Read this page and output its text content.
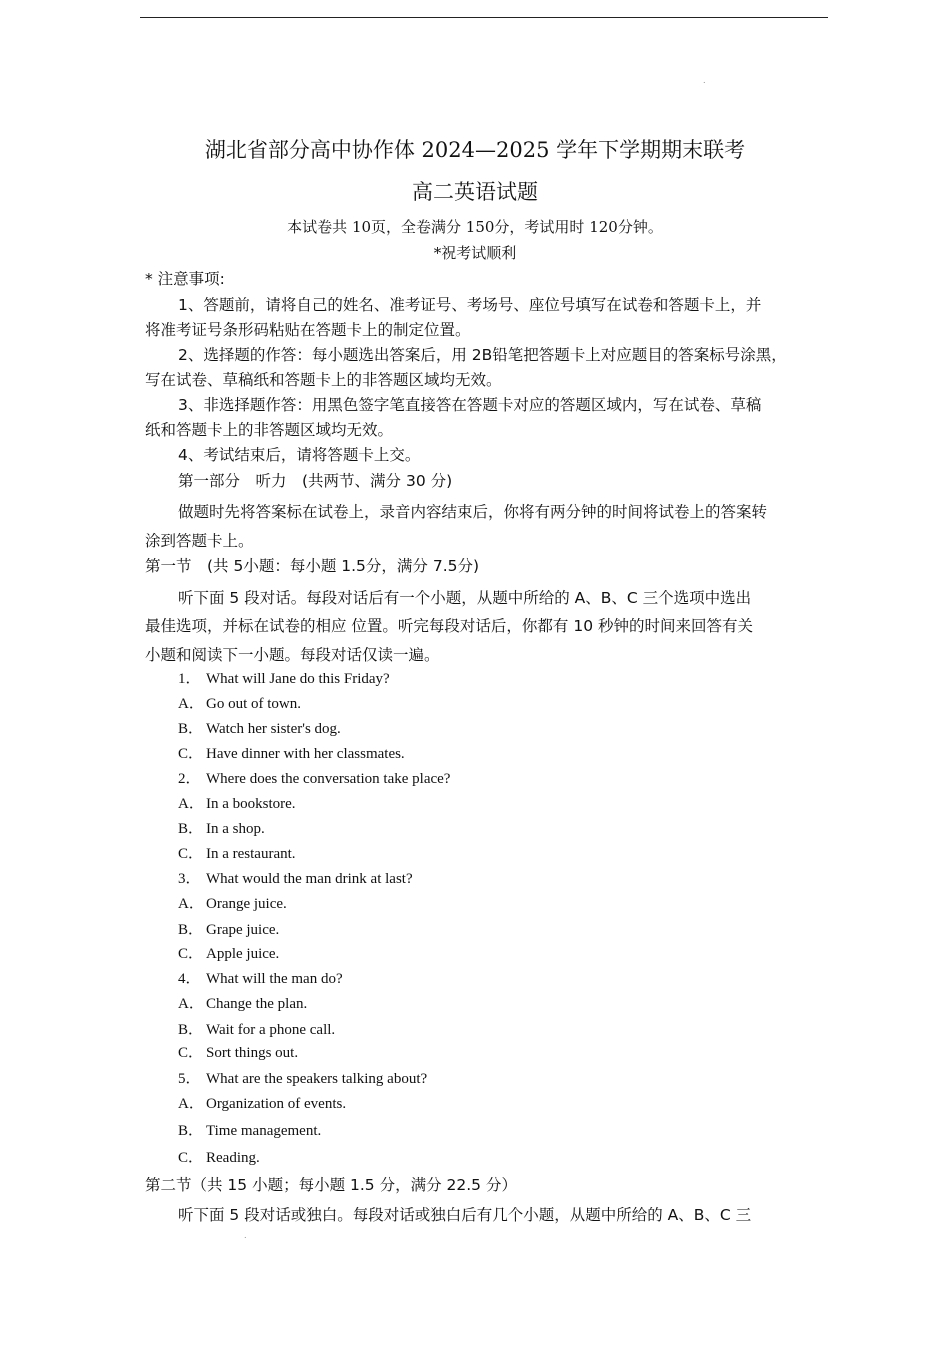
.
.
湖北省部分高中协作体 2024—2025 学年下学期期末联考
高二英语试题
本试卷共 10页，全卷满分 150分，考试用时 120分钟。
*祝考试顺利
* 注意事项:
1、答题前，请将自己的姓名、准考证号、考场号、座位号填写在试卷和答题卡上，并
将准考证号条形码粘贴在答题卡上的制定位置。
2、选择题的作答：每小题选出答案后，用 2B铅笔把答题卡上对应题目的答案标号涂黑，
写在试卷、草稿纸和答题卡上的非答题区域均无效。
3、非选择题作答：用黑色签字笔直接答在答题卡对应的答题区域内，写在试卷、草稿
纸和答题卡上的非答题区域均无效。
4、考试结束后，请将答题卡上交。
第一部分　听力　(共两节、满分 30 分)
做题时先将答案标在试卷上，录音内容结束后，你将有两分钟的时间将试卷上的答案转
涂到答题卡上。
第一节　(共 5小题：每小题 1.5分，满分 7.5分)
听下面 5 段对话。每段对话后有一个小题，从题中所给的 A、B、C 三个选项中选出
最佳选项，并标在试卷的相应 位置。听完每段对话后，你都有 10 秒钟的时间来回答有关
小题和阅读下一小题。每段对话仅读一遍。
1． What will Jane do this Friday?
A． Go out of town.
B． Watch her sister's dog.
C． Have dinner with her classmates.
2． Where does the conversation take place?
A． In a bookstore.
B． In a shop.
C． In a restaurant.
3． What would the man drink at last?
A． Orange juice.
B． Grape juice.
C． Apple juice.
4． What will the man do?
A． Change the plan.
B． Wait for a phone call.
C． Sort things out.
5． What are the speakers talking about?
A． Organization of events.
B． Time management.
C． Reading.
第二节（共 15 小题；每小题 1.5 分，满分 22.5 分）
听下面 5 段对话或独白。每段对话或独白后有几个小题，从题中所给的 A、B、C 三
